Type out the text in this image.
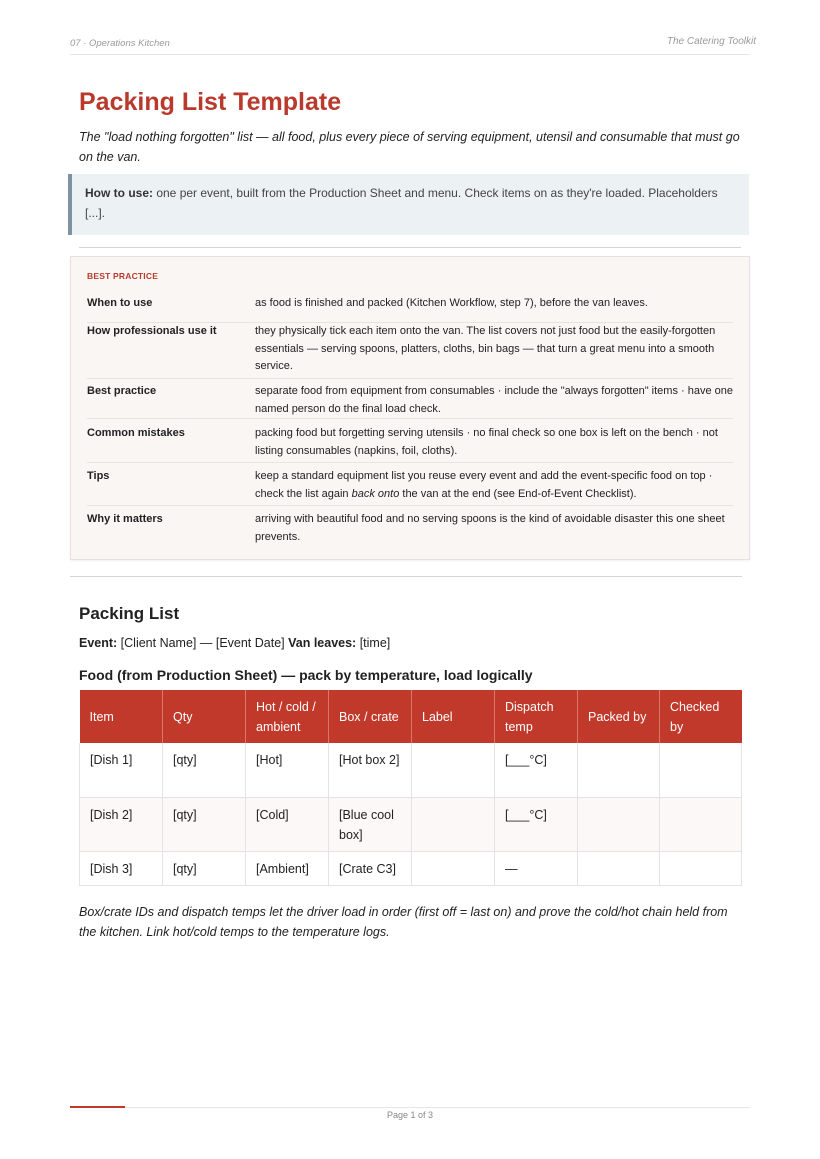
07 · Operations Kitchen	The Catering Toolkit
Packing List Template

The "load nothing forgotten" list — all food, plus every piece of serving equipment, utensil and consumable that must go on the van.

How to use: one per event, built from the Production Sheet and menu. Check items on as they're loaded. Placeholders [...].
BEST PRACTICE
When to use	as food is finished and packed (Kitchen Workflow, step 7), before the van leaves.
How professionals use it	they physically tick each item onto the van. The list covers not just food but the easily-forgotten essentials — serving spoons, platters, cloths, bin bags — that turn a great menu into a smooth service.
Best practice	separate food from equipment from consumables · include the "always forgotten" items · have one named person do the final load check.
Common mistakes	packing food but forgetting serving utensils · no final check so one box is left on the bench · not listing consumables (napkins, foil, cloths).
Tips	keep a standard equipment list you reuse every event and add the event-specific food on top · check the list again back onto the van at the end (see End-of-Event Checklist).
Why it matters	arriving with beautiful food and no serving spoons is the kind of avoidable disaster this one sheet prevents.
Packing List
Event: [Client Name] — [Event Date] Van leaves: [time]
Food (from Production Sheet) — pack by temperature, load logically
Item	Qty	Hot / cold / ambient	Box / crate	Label	Dispatch temp	Packed by	Checked by
[Dish 1]	[qty]	[Hot]	[Hot box 2]		[___°C]		
[Dish 2]	[qty]	[Cold]	[Blue cool box]		[___°C]		
[Dish 3]	[qty]	[Ambient]	[Crate C3]		—		

Box/crate IDs and dispatch temps let the driver load in order (first off = last on) and prove the cold/hot chain held from the kitchen. Link hot/cold temps to the temperature logs.

Page 1 of 3
